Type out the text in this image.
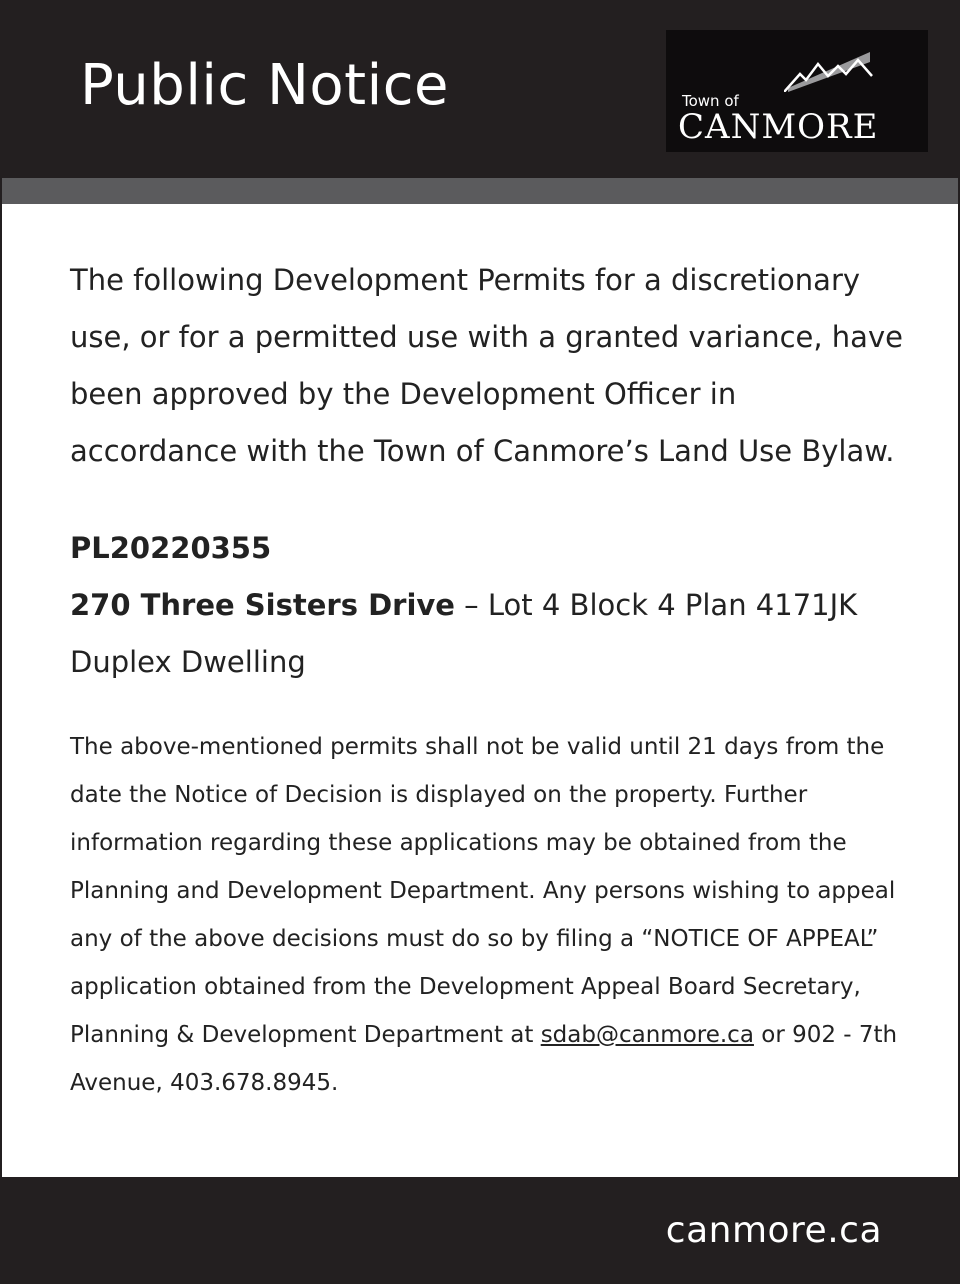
Public Notice	Town of
CANMORE

The following Development Permits for a discretionary use, or for a permitted use with a granted variance, have been approved by the Development Officer in accordance with the Town of Canmore’s Land Use Bylaw.

PL20220355
270 Three Sisters Drive – Lot 4 Block 4 Plan 4171JK
Duplex Dwelling

The above-mentioned permits shall not be valid until 21 days from the date the Notice of Decision is displayed on the property. Further information regarding these applications may be obtained from the Planning and Development Department. Any persons wishing to appeal any of the above decisions must do so by filing a “NOTICE OF APPEAL” application obtained from the Development Appeal Board Secretary, Planning & Development Department at sdab@canmore.ca or 902 - 7th Avenue, 403.678.8945.

canmore.ca
